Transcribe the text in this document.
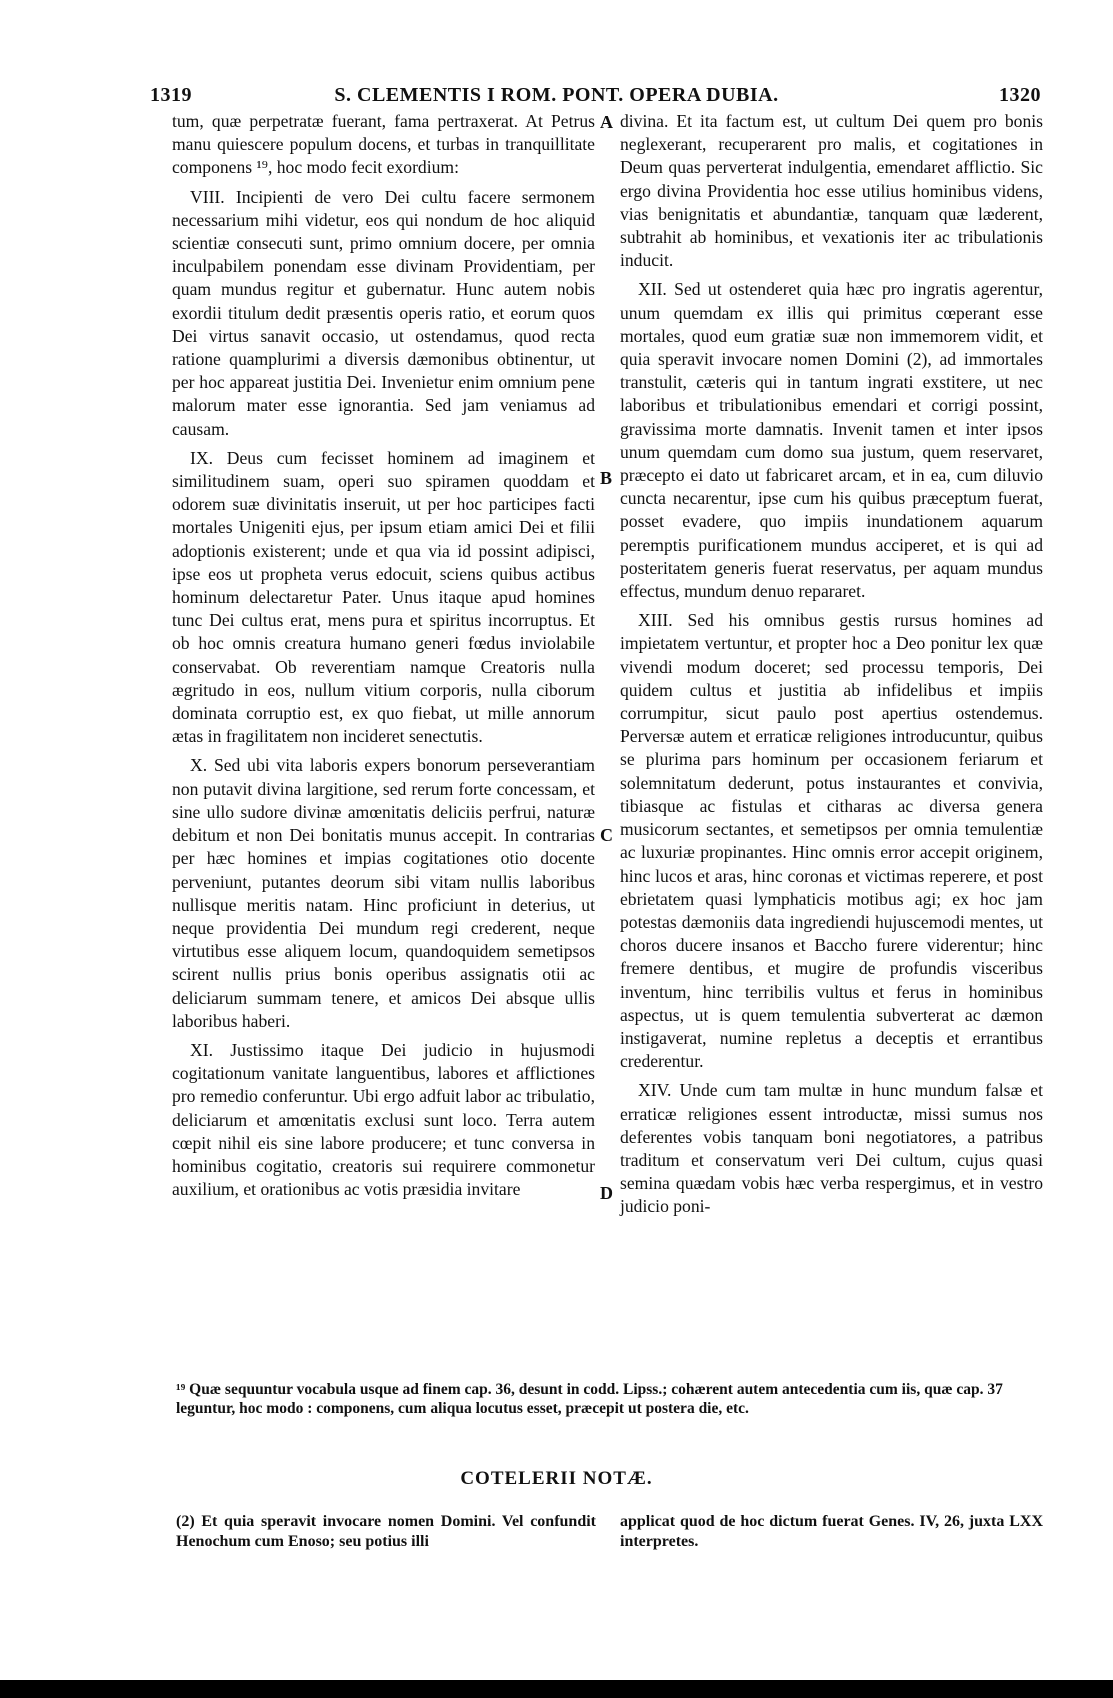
1319	S. CLEMENTIS I ROM. PONT. OPERA DUBIA.	1320

tum, quæ perpetratæ fuerant, fama pertraxerat. At Petrus manu quiescere populum docens, et turbas in tranquillitate componens ¹⁹, hoc modo fecit exordium:

VIII. Incipienti de vero Dei cultu facere sermonem necessarium mihi videtur, eos qui nondum de hoc aliquid scientiæ consecuti sunt, primo omnium docere, per omnia inculpabilem ponendam esse divinam Providentiam, per quam mundus regitur et gubernatur. Hunc autem nobis exordii titulum dedit præsentis operis ratio, et eorum quos Dei virtus sanavit occasio, ut ostendamus, quod recta ratione quamplurimi a diversis dæmonibus obtinentur, ut per hoc appareat justitia Dei. Invenietur enim omnium pene malorum mater esse ignorantia. Sed jam veniamus ad causam.

IX. Deus cum fecisset hominem ad imaginem et similitudinem suam, operi suo spiramen quoddam et odorem suæ divinitatis inseruit, ut per hoc participes facti mortales Unigeniti ejus, per ipsum etiam amici Dei et filii adoptionis existerent; unde et qua via id possint adipisci, ipse eos ut propheta verus edocuit, sciens quibus actibus hominum delectaretur Pater. Unus itaque apud homines tunc Dei cultus erat, mens pura et spiritus incorruptus. Et ob hoc omnis creatura humano generi fœdus inviolabile conservabat. Ob reverentiam namque Creatoris nulla ægritudo in eos, nullum vitium corporis, nulla ciborum dominata corruptio est, ex quo fiebat, ut mille annorum ætas in fragilitatem non incideret senectutis.

X. Sed ubi vita laboris expers bonorum perseverantiam non putavit divina largitione, sed rerum forte concessam, et sine ullo sudore divinæ amœnitatis deliciis perfrui, naturæ debitum et non Dei bonitatis munus accepit. In contrarias per hæc homines et impias cogitationes otio docente perveniunt, putantes deorum sibi vitam nullis laboribus nullisque meritis natam. Hinc proficiunt in deterius, ut neque providentia Dei mundum regi crederent, neque virtutibus esse aliquem locum, quandoquidem semetipsos scirent nullis prius bonis operibus assignatis otii ac deliciarum summam tenere, et amicos Dei absque ullis laboribus haberi.

XI. Justissimo itaque Dei judicio in hujusmodi cogitationum vanitate languentibus, labores et afflictiones pro remedio conferuntur. Ubi ergo adfuit labor ac tribulatio, deliciarum et amœnitatis exclusi sunt loco. Terra autem cœpit nihil eis sine labore producere; et tunc conversa in hominibus cogitatio, creatoris sui requirere commonetur auxilium, et orationibus ac votis præsidia invitare

A
B
C
D

divina. Et ita factum est, ut cultum Dei quem pro bonis neglexerant, recuperarent pro malis, et cogitationes in Deum quas perverterat indulgentia, emendaret afflictio. Sic ergo divina Providentia hoc esse utilius hominibus videns, vias benignitatis et abundantiæ, tanquam quæ læderent, subtrahit ab hominibus, et vexationis iter ac tribulationis inducit.

XII. Sed ut ostenderet quia hæc pro ingratis agerentur, unum quemdam ex illis qui primitus cœperant esse mortales, quod eum gratiæ suæ non immemorem vidit, et quia speravit invocare nomen Domini (2), ad immortales transtulit, cæteris qui in tantum ingrati exstitere, ut nec laboribus et tribulationibus emendari et corrigi possint, gravissima morte damnatis. Invenit tamen et inter ipsos unum quemdam cum domo sua justum, quem reservaret, præcepto ei dato ut fabricaret arcam, et in ea, cum diluvio cuncta necarentur, ipse cum his quibus præceptum fuerat, posset evadere, quo impiis inundationem aquarum peremptis purificationem mundus acciperet, et is qui ad posteritatem generis fuerat reservatus, per aquam mundus effectus, mundum denuo repararet.

XIII. Sed his omnibus gestis rursus homines ad impietatem vertuntur, et propter hoc a Deo ponitur lex quæ vivendi modum doceret; sed processu temporis, Dei quidem cultus et justitia ab infidelibus et impiis corrumpitur, sicut paulo post apertius ostendemus. Perversæ autem et erraticæ religiones introducuntur, quibus se plurima pars hominum per occasionem feriarum et solemnitatum dederunt, potus instaurantes et convivia, tibiasque ac fistulas et citharas ac diversa genera musicorum sectantes, et semetipsos per omnia temulentiæ ac luxuriæ propinantes. Hinc omnis error accepit originem, hinc lucos et aras, hinc coronas et victimas reperere, et post ebrietatem quasi lymphaticis motibus agi; ex hoc jam potestas dæmoniis data ingrediendi hujuscemodi mentes, ut choros ducere insanos et Baccho furere viderentur; hinc fremere dentibus, et mugire de profundis visceribus inventum, hinc terribilis vultus et ferus in hominibus aspectus, ut is quem temulentia subverterat ac dæmon instigaverat, numine repletus a deceptis et errantibus crederentur.

XIV. Unde cum tam multæ in hunc mundum falsæ et erraticæ religiones essent introductæ, missi sumus nos deferentes vobis tanquam boni negotiatores, a patribus traditum et conservatum veri Dei cultum, cujus quasi semina quædam vobis hæc verba respergimus, et in vestro judicio poni-

¹⁹ Quæ sequuntur vocabula usque ad finem cap. 36, desunt in codd. Lipss.; cohærent autem antecedentia cum iis, quæ cap. 37 leguntur, hoc modo : componens, cum aliqua locutus esset, præcepit ut postera die, etc.

COTELERII NOTÆ.
(2) Et quia speravit invocare nomen Domini. Vel confundit Henochum cum Enoso; seu potius illi
applicat quod de hoc dictum fuerat Genes. IV, 26, juxta LXX interpretes.
